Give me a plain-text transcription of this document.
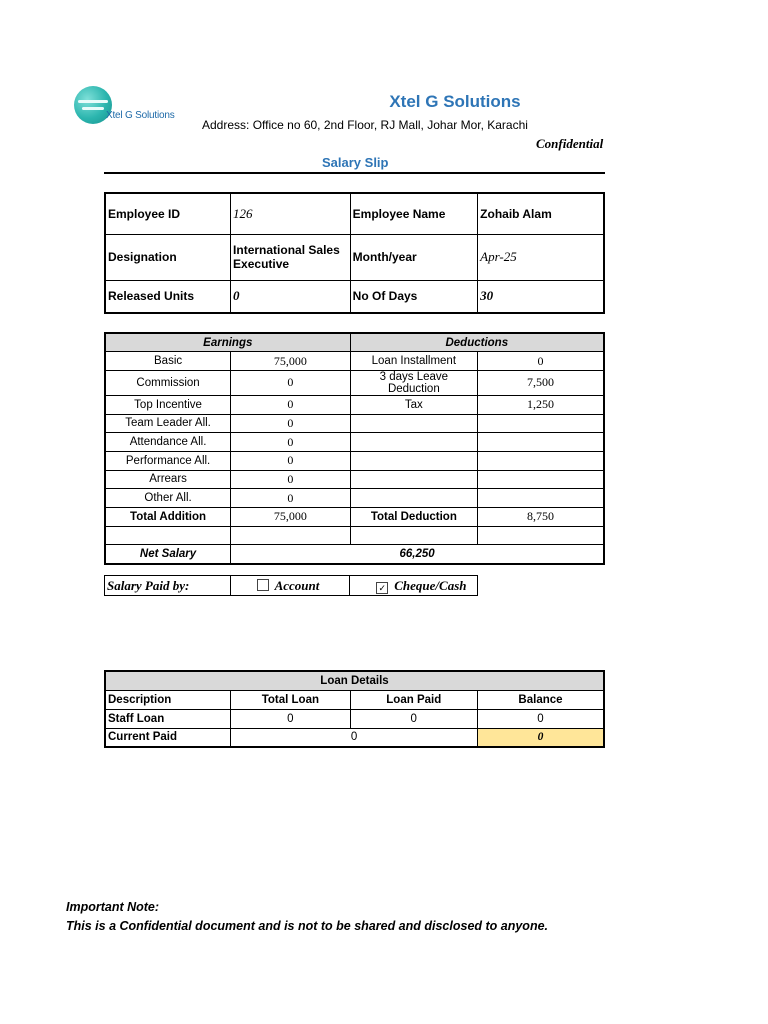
Xtel G Solutions
Xtel G Solutions
Address: Office no 60, 2nd Floor, RJ Mall, Johar Mor, Karachi
Confidential
Salary Slip
Employee ID	126	Employee Name	Zohaib Alam
Designation	International Sales Executive	Month/year	Apr-25
Released Units	0	No Of Days	30
Earnings		Deductions	
Basic	75,000	Loan Installment	0
Commission	0	3 days Leave Deduction	7,500
Top Incentive	0	Tax	1,250
Team Leader All.	0		
Attendance All.	0		
Performance All.	0		
Arrears	0		
Other All.	0		
Total Addition	75,000	Total Deduction	8,750

Net Salary	66,250		
Salary Paid by:	Account	✓ Cheque/Cash
Loan Details			
Description	Total Loan	Loan Paid	Balance
Staff Loan	0	0	0
Current Paid	0		0
Important Note:
This is a Confidential document and is not to be shared and disclosed to anyone.
